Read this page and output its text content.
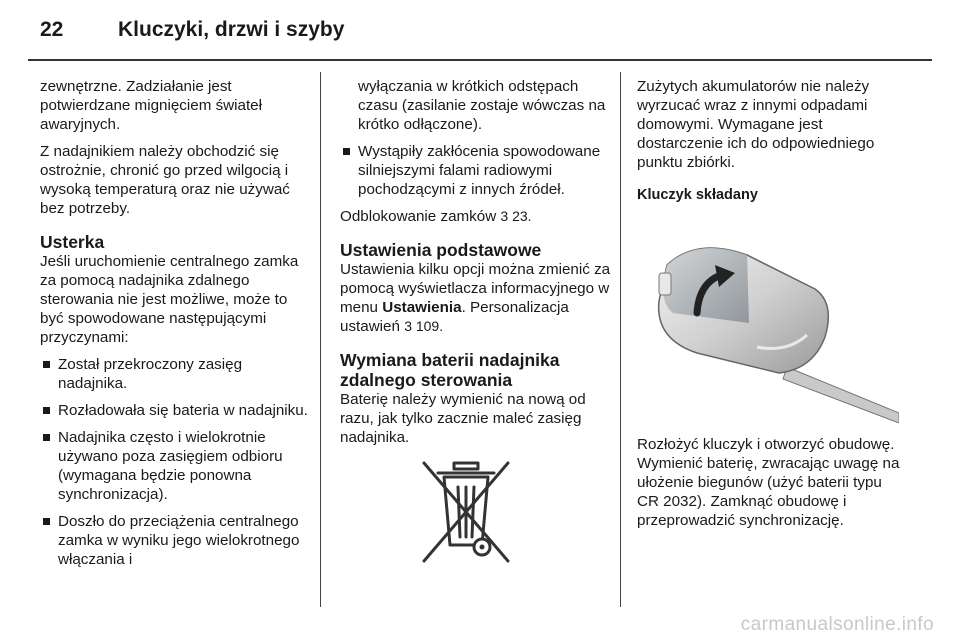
22	Kluczyki, drzwi i szyby

zewnętrzne. Zadziałanie jest potwierdzane mignięciem świateł awaryjnych.

Z nadajnikiem należy obchodzić się ostrożnie, chronić go przed wilgocią i wysoką temperaturą oraz nie używać bez potrzeby.

Usterka

Jeśli uruchomienie centralnego zamka za pomocą nadajnika zdalnego sterowania nie jest możliwe, może to być spowodowane następującymi przyczynami:

Został przekroczony zasięg nadajnika.
Rozładowała się bateria w nadajniku.
Nadajnika często i wielokrotnie używano poza zasięgiem odbioru (wymagana będzie ponowna synchronizacja).
Doszło do przeciążenia centralnego zamka w wyniku jego wielokrotnego włączania i

wyłączania w krótkich odstępach czasu (zasilanie zostaje wówczas na krótko odłączone).

Wystąpiły zakłócenia spowodowane silniejszymi falami radiowymi pochodzącymi z innych źródeł.

Odblokowanie zamków 3 23.

Ustawienia podstawowe

Ustawienia kilku opcji można zmienić za pomocą wyświetlacza informacyjnego w menu Ustawienia. Personalizacja ustawień 3 109.

Wymiana baterii nadajnika zdalnego sterowania

Baterię należy wymienić na nową od razu, jak tylko zacznie maleć zasięg nadajnika.

Zużytych akumulatorów nie należy wyrzucać wraz z innymi odpadami domowymi. Wymagane jest dostarczenie ich do odpowiedniego punktu zbiórki.

Kluczyk składany

Rozłożyć kluczyk i otworzyć obudowę. Wymienić baterię, zwracając uwagę na ułożenie biegunów (użyć baterii typu CR 2032). Zamknąć obudowę i przeprowadzić synchronizację.

carmanualsonline.info
